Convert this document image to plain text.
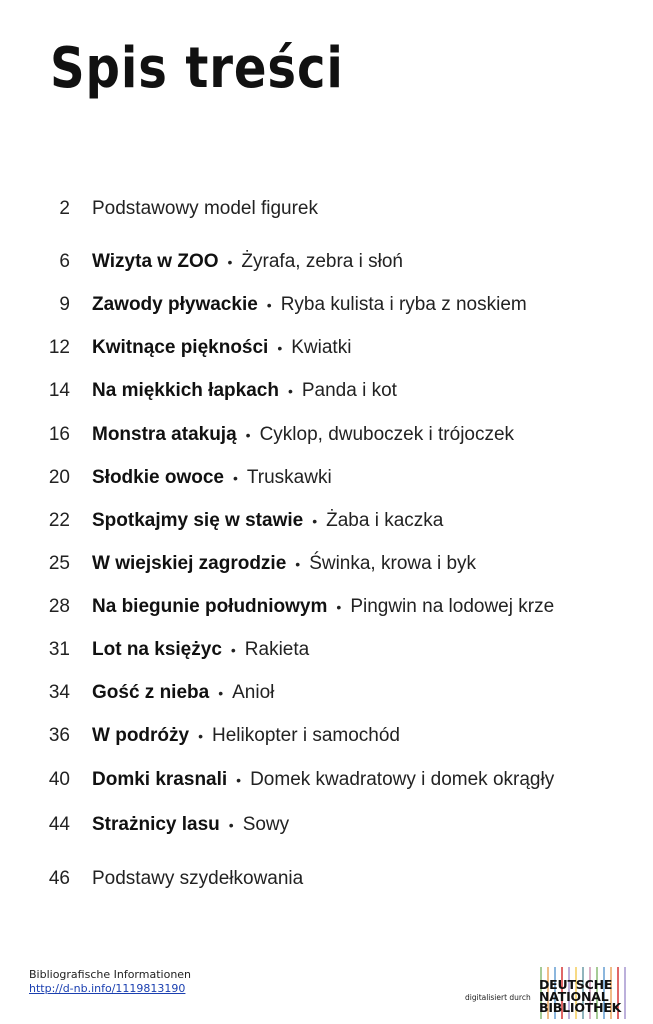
Spis treści
2 Podstawowy model figurek
6 Wizyta w ZOO • Żyrafa, zebra i słoń
9 Zawody pływackie • Ryba kulista i ryba z noskiem
12 Kwitnące piękności • Kwiatki
14 Na miękkich łapkach • Panda i kot
16 Monstra atakują • Cyklop, dwuboczek i trójoczek
20 Słodkie owoce • Truskawki
22 Spotkajmy się w stawie • Żaba i kaczka
25 W wiejskiej zagrodzie • Świnka, krowa i byk
28 Na biegunie południowym • Pingwin na lodowej krze
31 Lot na księżyc • Rakieta
34 Gość z nieba • Anioł
36 W podróży • Helikopter i samochód
40 Domki krasnali • Domek kwadratowy i domek okrągły
44 Strażnicy lasu • Sowy
46 Podstawy szydełkowania
Bibliografische Informationen
http://d-nb.info/1119813190
digitalisiert durch
DEUTSCHE
NATIONAL
BIBLIOTHEK
